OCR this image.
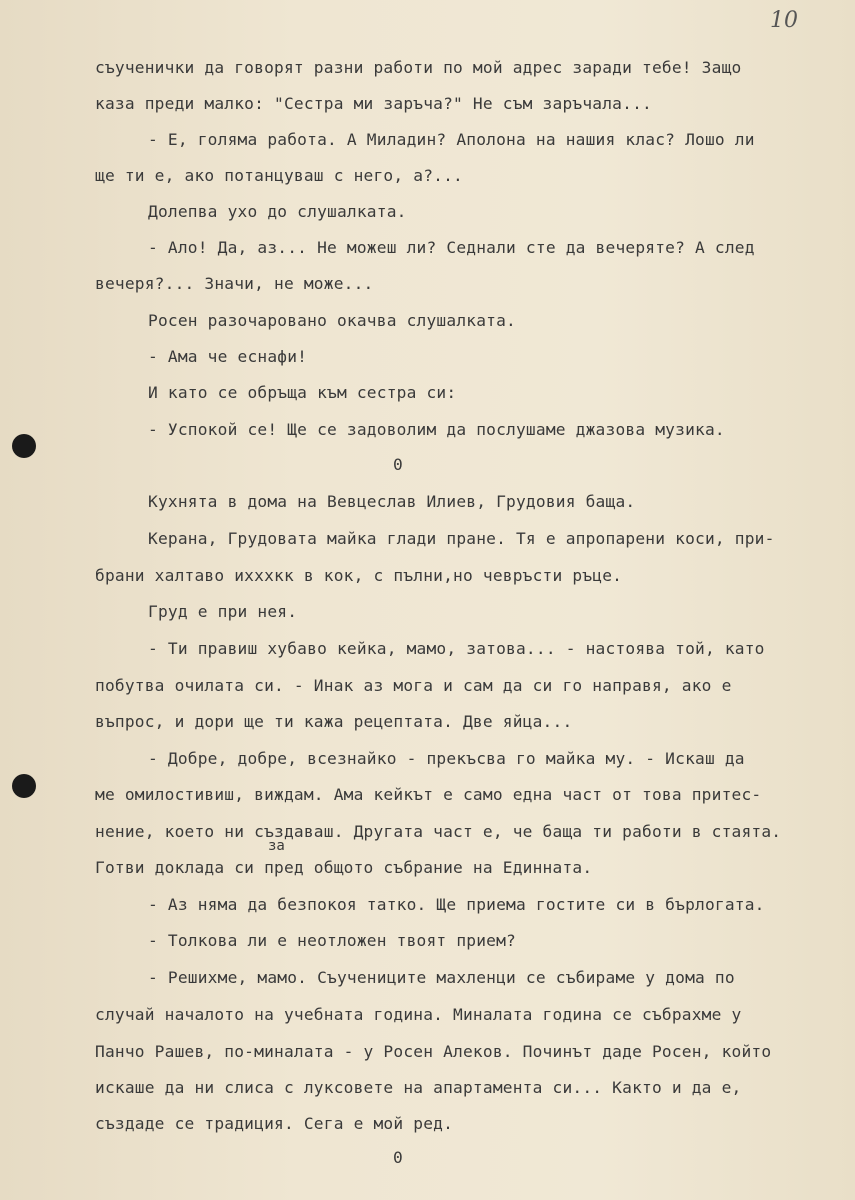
10
съученички да говорят разни работи по мой адрес заради тебе! Защо
каза преди малко: "Сестра ми заръча?" Не съм заръчала...
- Е, голяма работа. А Миладин? Аполона на нашия клас? Лошо ли
ще ти е, ако потанцуваш с него, а?...
Долепва ухо до слушалката.
- Ало! Да, аз... Не можеш ли? Седнали сте да вечеряте? А след
вечеря?... Значи, не може...
Росен разочаровано окачва слушалката.
- Ама че еснафи!
И като се обръща към сестра си:
- Успокой се! Ще се задоволим да послушаме джазова музика.
0
Кухнята в дома на Вевцеслав Илиев, Грудовия баща.
Керана, Грудовата майка глади пране. Тя е апропарени коси, при-
брани халтаво ихххкк в кок, с пълни,но чевръсти ръце.
Груд е при нея.
- Ти правиш хубаво кейка, мамо, затова... - настоява той, като
побутва очилата си. - Инак аз мога и сам да си го направя, ако е
въпрос, и дори ще ти кажа рецептата. Две яйца...
- Добре, добре, всезнайко - прекъсва го майка му. - Искаш да
ме омилостивиш, виждам. Ама кейкът е само една част от това притес-
нение, което ни създаваш. Другата част е, че баща ти работи в стаята.
за
Готви доклада си пред общото събрание на Единната.
- Аз няма да безпокоя татко. Ще приема гостите си в бърлогата.
- Толкова ли е неотложен твоят прием?
- Решихме, мамо. Съучениците махленци се събираме у дома по
случай началото на учебната година. Миналата година се събрахме у
Панчо Рашев, по-миналата - у Росен Алеков. Починът даде Росен, който
искаше да ни слиса с луксовете на апартамента си... Както и да е,
създаде се традиция. Сега е мой ред.
0
